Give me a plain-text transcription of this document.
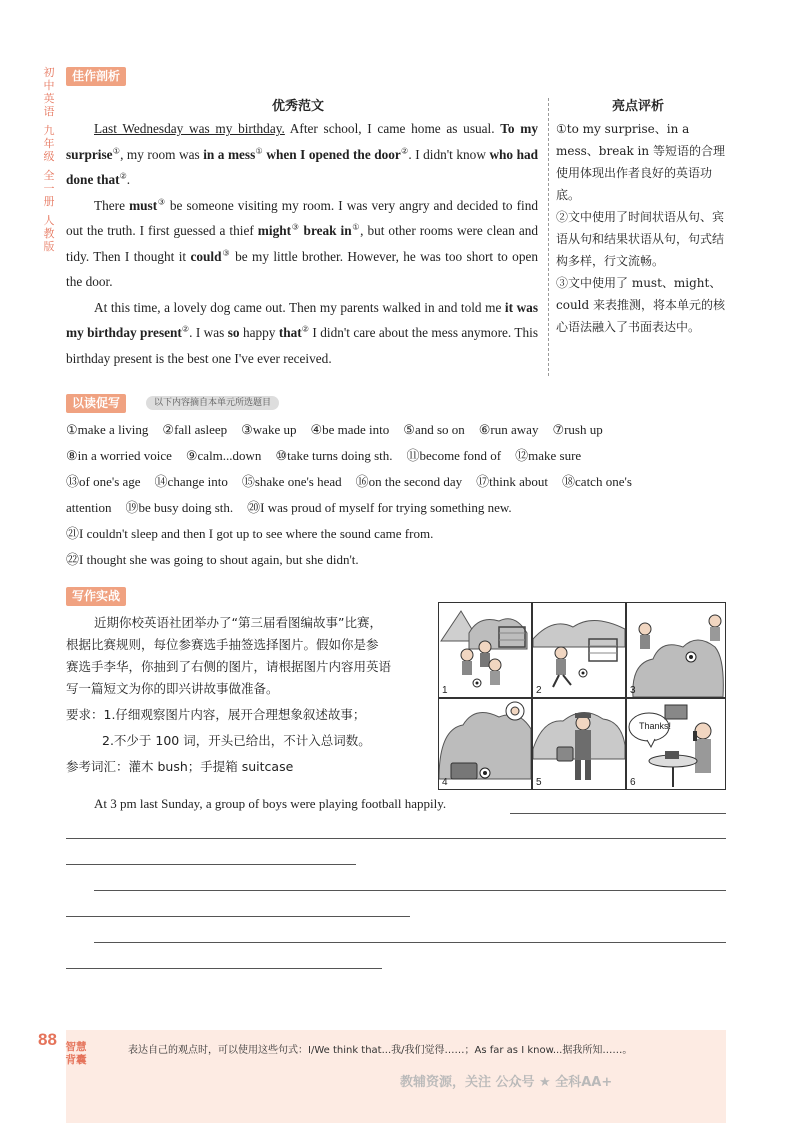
初
中
英
语
九
年
级
全
一
册
人
教
版
佳作剖析
优秀范文	亮点评析

Last Wednesday was my birthday. After school, I came home as usual. To my surprise①, my room was in a mess① when I opened the door②. I didn't know who had done that②.

There must③ be someone visiting my room. I was very angry and decided to find out the truth. I first guessed a thief might③ break in①, but other rooms were clean and tidy. Then I thought it could③ be my little brother. However, he was too short to open the door.

At this time, a lovely dog came out. Then my parents walked in and told me it was my birthday present②. I was so happy that② I didn't care about the mess anymore. This birthday present is the best one I've ever received.

①to my surprise、in a mess、break in 等短语的合理使用体现出作者良好的英语功底。

②文中使用了时间状语从句、宾语从句和结果状语从句，句式结构多样，行文流畅。

③文中使用了 must、might、could 来表推测，将本单元的核心语法融入了书面表达中。

以读促写	以下内容摘自本单元所选题目
①make a living ②fall asleep ③wake up ④be made into ⑤and so on ⑥run away ⑦rush up
⑧in a worried voice ⑨calm...down ⑩take turns doing sth. ⑪become fond of ⑫make sure
⑬of one's age ⑭change into ⑮shake one's head ⑯on the second day ⑰think about ⑱catch one's
attention ⑲be busy doing sth. ⑳I was proud of myself for trying something new.
㉑I couldn't sleep and then I got up to see where the sound came from.
㉒I thought she was going to shout again, but she didn't.
写作实战
近期你校英语社团举办了“第三届看图编故事”比赛，
根据比赛规则，每位参赛选手抽签选择图片。假如你是参
赛选手李华，你抽到了右侧的图片，请根据图片内容用英语
写一篇短文为你的即兴讲故事做准备。
要求：1.仔细观察图片内容，展开合理想象叙述故事；
2.不少于 100 词，开头已给出，不计入总词数。
参考词汇：灌木 bush；手提箱 suitcase
1	2	3
4	5
Thanks!
6
At 3 pm last Sunday, a group of boys were playing football happily.
88 智慧背囊
表达自己的观点时，可以使用这些句式：I/We think that...我/我们觉得……；As far as I know...据我所知……。
教辅资源，关注 公众号 ★ 全科AA+
